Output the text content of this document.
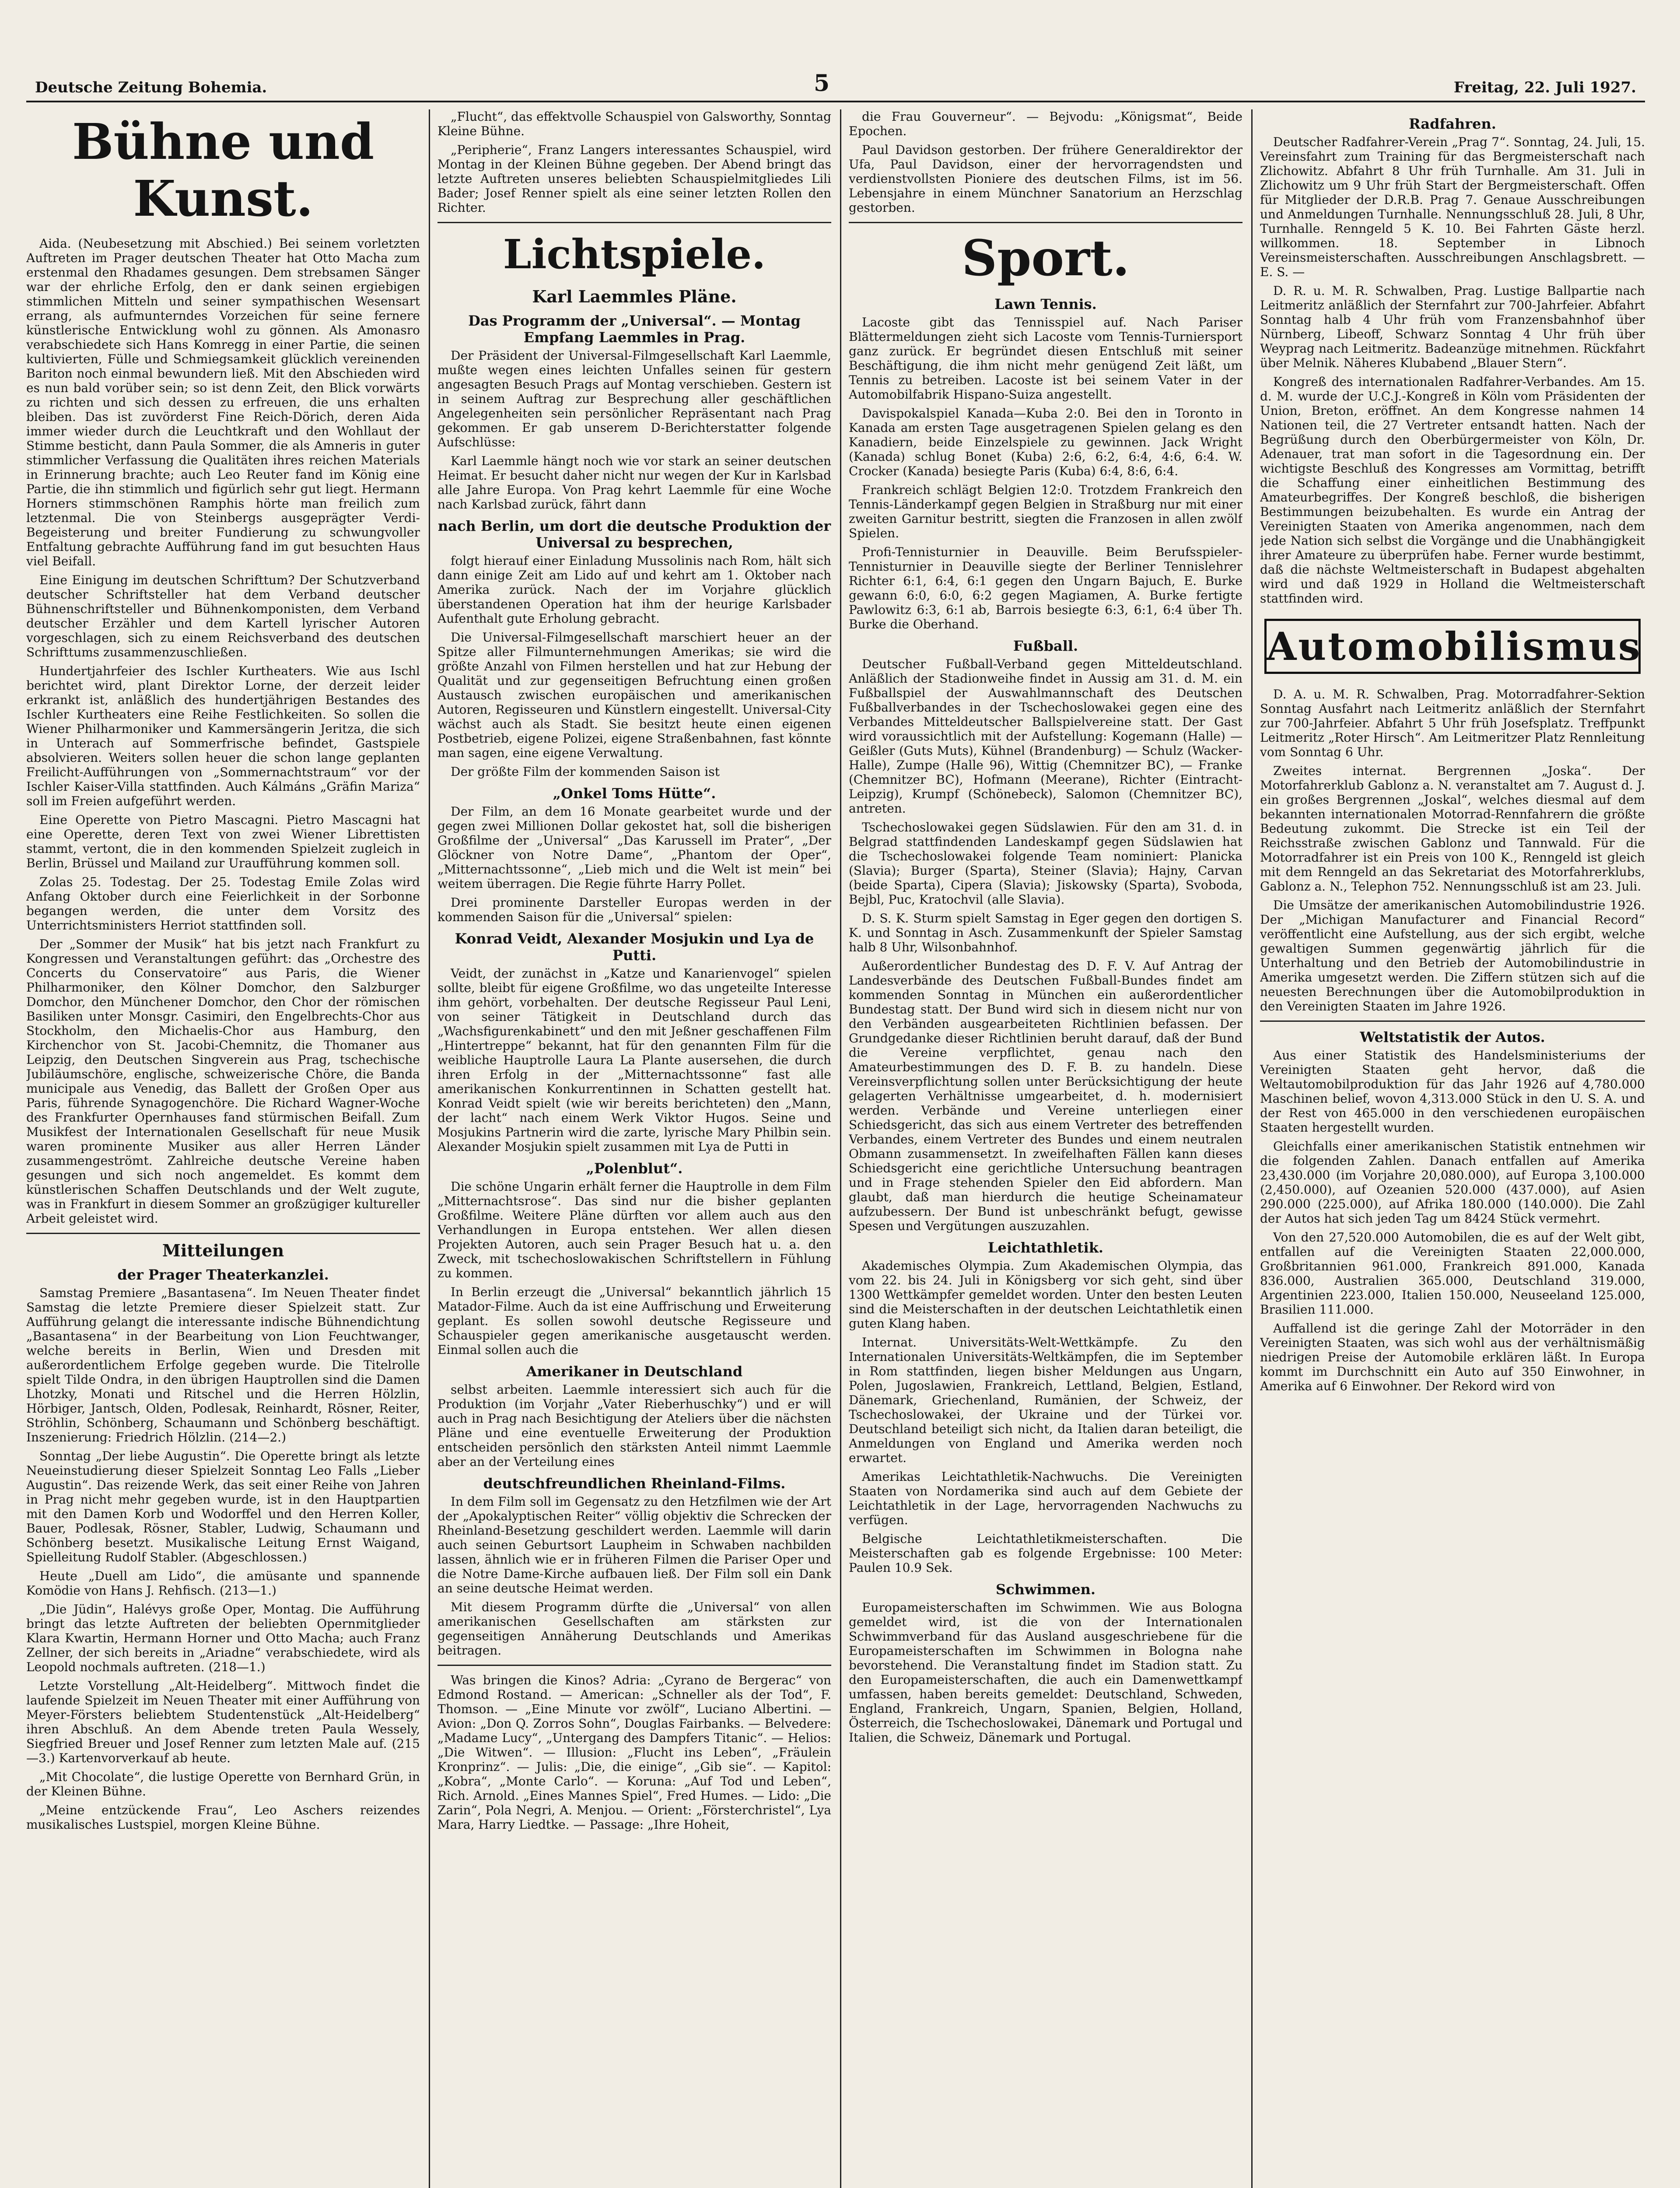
Deutsche Zeitung Bohemia.	5	Freitag, 22. Juli 1927.
Bühne und Kunst.

Aida. (Neubesetzung mit Abschied.) Bei seinem vorletzten Auftreten im Prager deutschen Theater hat Otto Macha zum erstenmal den Rhadames gesungen. Dem strebsamen Sänger war der ehrliche Erfolg, den er dank seinen ergiebigen stimmlichen Mitteln und seiner sympathischen Wesensart errang, als aufmunterndes Vorzeichen für seine fernere künstlerische Entwicklung wohl zu gönnen. Als Amonasro verabschiedete sich Hans Komregg in einer Partie, die seinen kultivierten, Fülle und Schmiegsamkeit glücklich vereinenden Bariton noch einmal bewundern ließ. Mit den Abschieden wird es nun bald vorüber sein; so ist denn Zeit, den Blick vorwärts zu richten und sich dessen zu erfreuen, die uns erhalten bleiben. Das ist zuvörderst Fine Reich-Dörich, deren Aida immer wieder durch die Leuchtkraft und den Wohllaut der Stimme besticht, dann Paula Sommer, die als Amneris in guter stimmlicher Verfassung die Qualitäten ihres reichen Materials in Erinnerung brachte; auch Leo Reuter fand im König eine Partie, die ihn stimmlich und figürlich sehr gut liegt. Hermann Horners stimmschönen Ramphis hörte man freilich zum letztenmal. Die von Steinbergs ausgeprägter Verdi-Begeisterung und breiter Fundierung zu schwungvoller Entfaltung gebrachte Aufführung fand im gut besuchten Haus viel Beifall.

Eine Einigung im deutschen Schrifttum? Der Schutzverband deutscher Schriftsteller hat dem Verband deutscher Bühnenschriftsteller und Bühnenkomponisten, dem Verband deutscher Erzähler und dem Kartell lyrischer Autoren vorgeschlagen, sich zu einem Reichsverband des deutschen Schrifttums zusammenzuschließen.

Hundertjahrfeier des Ischler Kurtheaters. Wie aus Ischl berichtet wird, plant Direktor Lorne, der derzeit leider erkrankt ist, anläßlich des hundertjährigen Bestandes des Ischler Kurtheaters eine Reihe Festlichkeiten. So sollen die Wiener Philharmoniker und Kammersängerin Jeritza, die sich in Unterach auf Sommerfrische befindet, Gastspiele absolvieren. Weiters sollen heuer die schon lange geplanten Freilicht-Aufführungen von „Sommernachtstraum“ vor der Ischler Kaiser-Villa stattfinden. Auch Kálmáns „Gräfin Mariza“ soll im Freien aufgeführt werden.

Eine Operette von Pietro Mascagni. Pietro Mascagni hat eine Operette, deren Text von zwei Wiener Librettisten stammt, vertont, die in den kommenden Spielzeit zugleich in Berlin, Brüssel und Mailand zur Uraufführung kommen soll.

Zolas 25. Todestag. Der 25. Todestag Emile Zolas wird Anfang Oktober durch eine Feierlichkeit in der Sorbonne begangen werden, die unter dem Vorsitz des Unterrichtsministers Herriot stattfinden soll.

Der „Sommer der Musik“ hat bis jetzt nach Frankfurt zu Kongressen und Veranstaltungen geführt: das „Orchestre des Concerts du Conservatoire“ aus Paris, die Wiener Philharmoniker, den Kölner Domchor, den Salzburger Domchor, den Münchener Domchor, den Chor der römischen Basiliken unter Monsgr. Casimiri, den Engelbrechts-Chor aus Stockholm, den Michaelis-Chor aus Hamburg, den Kirchenchor von St. Jacobi-Chemnitz, die Thomaner aus Leipzig, den Deutschen Singverein aus Prag, tschechische Jubiläumschöre, englische, schweizerische Chöre, die Banda municipale aus Venedig, das Ballett der Großen Oper aus Paris, führende Synagogenchöre. Die Richard Wagner-Woche des Frankfurter Opernhauses fand stürmischen Beifall. Zum Musikfest der Internationalen Gesellschaft für neue Musik waren prominente Musiker aus aller Herren Länder zusammengeströmt. Zahlreiche deutsche Vereine haben gesungen und sich noch angemeldet. Es kommt dem künstlerischen Schaffen Deutschlands und der Welt zugute, was in Frankfurt in diesem Sommer an großzügiger kultureller Arbeit geleistet wird.

Mitteilungen
der Prager Theaterkanzlei.

Samstag Premiere „Basantasena“. Im Neuen Theater findet Samstag die letzte Premiere dieser Spielzeit statt. Zur Aufführung gelangt die interessante indische Bühnendichtung „Basantasena“ in der Bearbeitung von Lion Feuchtwanger, welche bereits in Berlin, Wien und Dresden mit außerordentlichem Erfolge gegeben wurde. Die Titelrolle spielt Tilde Ondra, in den übrigen Hauptrollen sind die Damen Lhotzky, Monati und Ritschel und die Herren Hölzlin, Hörbiger, Jantsch, Olden, Podlesak, Reinhardt, Rösner, Reiter, Ströhlin, Schönberg, Schaumann und Schönberg beschäftigt. Inszenierung: Friedrich Hölzlin. (214—2.)

Sonntag „Der liebe Augustin“. Die Operette bringt als letzte Neueinstudierung dieser Spielzeit Sonntag Leo Falls „Lieber Augustin“. Das reizende Werk, das seit einer Reihe von Jahren in Prag nicht mehr gegeben wurde, ist in den Hauptpartien mit den Damen Korb und Wodorffel und den Herren Koller, Bauer, Podlesak, Rösner, Stabler, Ludwig, Schaumann und Schönberg besetzt. Musikalische Leitung Ernst Waigand, Spielleitung Rudolf Stabler. (Abgeschlossen.)

Heute „Duell am Lido“, die amüsante und spannende Komödie von Hans J. Rehfisch. (213—1.)

„Die Jüdin“, Halévys große Oper, Montag. Die Aufführung bringt das letzte Auftreten der beliebten Opernmitglieder Klara Kwartin, Hermann Horner und Otto Macha; auch Franz Zellner, der sich bereits in „Ariadne“ verabschiedete, wird als Leopold nochmals auftreten. (218—1.)

Letzte Vorstellung „Alt-Heidelberg“. Mittwoch findet die laufende Spielzeit im Neuen Theater mit einer Aufführung von Meyer-Försters beliebtem Studentenstück „Alt-Heidelberg“ ihren Abschluß. An dem Abende treten Paula Wessely, Siegfried Breuer und Josef Renner zum letzten Male auf. (215—3.) Kartenvorverkauf ab heute.

„Mit Chocolate“, die lustige Operette von Bernhard Grün, in der Kleinen Bühne.

„Meine entzückende Frau“, Leo Aschers reizendes musikalisches Lustspiel, morgen Kleine Bühne.

„Flucht“, das effektvolle Schauspiel von Galsworthy, Sonntag Kleine Bühne.

„Peripherie“, Franz Langers interessantes Schauspiel, wird Montag in der Kleinen Bühne gegeben. Der Abend bringt das letzte Auftreten unseres beliebten Schauspielmitgliedes Lili Bader; Josef Renner spielt als eine seiner letzten Rollen den Richter.

Lichtspiele.
Karl Laemmles Pläne.
Das Programm der „Universal“. — Montag Empfang Laemmles in Prag.

Der Präsident der Universal-Filmgesellschaft Karl Laemmle, mußte wegen eines leichten Unfalles seinen für gestern angesagten Besuch Prags auf Montag verschieben. Gestern ist in seinem Auftrag zur Besprechung aller geschäftlichen Angelegenheiten sein persönlicher Repräsentant nach Prag gekommen. Er gab unserem D-Berichterstatter folgende Aufschlüsse:

Karl Laemmle hängt noch wie vor stark an seiner deutschen Heimat. Er besucht daher nicht nur wegen der Kur in Karlsbad alle Jahre Europa. Von Prag kehrt Laemmle für eine Woche nach Karlsbad zurück, fährt dann

nach Berlin, um dort die deutsche Produktion der Universal zu besprechen,

folgt hierauf einer Einladung Mussolinis nach Rom, hält sich dann einige Zeit am Lido auf und kehrt am 1. Oktober nach Amerika zurück. Nach der im Vorjahre glücklich überstandenen Operation hat ihm der heurige Karlsbader Aufenthalt gute Erholung gebracht.

Die Universal-Filmgesellschaft marschiert heuer an der Spitze aller Filmunternehmungen Amerikas; sie wird die größte Anzahl von Filmen herstellen und hat zur Hebung der Qualität und zur gegenseitigen Befruchtung einen großen Austausch zwischen europäischen und amerikanischen Autoren, Regisseuren und Künstlern eingestellt. Universal-City wächst auch als Stadt. Sie besitzt heute einen eigenen Postbetrieb, eigene Polizei, eigene Straßenbahnen, fast könnte man sagen, eine eigene Verwaltung.

Der größte Film der kommenden Saison ist

„Onkel Toms Hütte“.

Der Film, an dem 16 Monate gearbeitet wurde und der gegen zwei Millionen Dollar gekostet hat, soll die bisherigen Großfilme der „Universal“ „Das Karussell im Prater“, „Der Glöckner von Notre Dame“, „Phantom der Oper“, „Mitternachtssonne“, „Lieb mich und die Welt ist mein“ bei weitem überragen. Die Regie führte Harry Pollet.

Drei prominente Darsteller Europas werden in der kommenden Saison für die „Universal“ spielen:

Konrad Veidt, Alexander Mosjukin und Lya de Putti.

Veidt, der zunächst in „Katze und Kanarienvogel“ spielen sollte, bleibt für eigene Großfilme, wo das ungeteilte Interesse ihm gehört, vorbehalten. Der deutsche Regisseur Paul Leni, von seiner Tätigkeit in Deutschland durch das „Wachsfigurenkabinett“ und den mit Jeßner geschaffenen Film „Hintertreppe“ bekannt, hat für den genannten Film für die weibliche Hauptrolle Laura La Plante ausersehen, die durch ihren Erfolg in der „Mitternachtssonne“ fast alle amerikanischen Konkurrentinnen in Schatten gestellt hat. Konrad Veidt spielt (wie wir bereits berichteten) den „Mann, der lacht“ nach einem Werk Viktor Hugos. Seine und Mosjukins Partnerin wird die zarte, lyrische Mary Philbin sein. Alexander Mosjukin spielt zusammen mit Lya de Putti in

„Polenblut“.

Die schöne Ungarin erhält ferner die Hauptrolle in dem Film „Mitternachtsrose“. Das sind nur die bisher geplanten Großfilme. Weitere Pläne dürften vor allem auch aus den Verhandlungen in Europa entstehen. Wer allen diesen Projekten Autoren, auch sein Prager Besuch hat u. a. den Zweck, mit tschechoslowakischen Schriftstellern in Fühlung zu kommen.

In Berlin erzeugt die „Universal“ bekanntlich jährlich 15 Matador-Filme. Auch da ist eine Auffrischung und Erweiterung geplant. Es sollen sowohl deutsche Regisseure und Schauspieler gegen amerikanische ausgetauscht werden. Einmal sollen auch die

Amerikaner in Deutschland

selbst arbeiten. Laemmle interessiert sich auch für die Produktion (im Vorjahr „Vater Rieberhuschky“) und er will auch in Prag nach Besichtigung der Ateliers über die nächsten Pläne und eine eventuelle Erweiterung der Produktion entscheiden persönlich den stärksten Anteil nimmt Laemmle aber an der Verteilung eines

deutschfreundlichen Rheinland-Films.

In dem Film soll im Gegensatz zu den Hetzfilmen wie der Art der „Apokalyptischen Reiter“ völlig objektiv die Schrecken der Rheinland-Besetzung geschildert werden. Laemmle will darin auch seinen Geburtsort Laupheim in Schwaben nachbilden lassen, ähnlich wie er in früheren Filmen die Pariser Oper und die Notre Dame-Kirche aufbauen ließ. Der Film soll ein Dank an seine deutsche Heimat werden.

Mit diesem Programm dürfte die „Universal“ von allen amerikanischen Gesellschaften am stärksten zur gegenseitigen Annäherung Deutschlands und Amerikas beitragen.

Was bringen die Kinos? Adria: „Cyrano de Bergerac“ von Edmond Rostand. — American: „Schneller als der Tod“, F. Thomson. — „Eine Minute vor zwölf“, Luciano Albertini. — Avion: „Don Q. Zorros Sohn“, Douglas Fairbanks. — Belvedere: „Madame Lucy“, „Untergang des Dampfers Titanic“. — Helios: „Die Witwen“. — Illusion: „Flucht ins Leben“, „Fräulein Kronprinz“. — Julis: „Die, die einige“, „Gib sie“. — Kapitol: „Kobra“, „Monte Carlo“. — Koruna: „Auf Tod und Leben“, Rich. Arnold. „Eines Mannes Spiel“, Fred Humes. — Lido: „Die Zarin“, Pola Negri, A. Menjou. — Orient: „Försterchristel“, Lya Mara, Harry Liedtke. — Passage: „Ihre Hoheit,

die Frau Gouverneur“. — Bejvodu: „Königsmat“, Beide Epochen.

Paul Davidson gestorben. Der frühere Generaldirektor der Ufa, Paul Davidson, einer der hervorragendsten und verdienstvollsten Pioniere des deutschen Films, ist im 56. Lebensjahre in einem Münchner Sanatorium an Herzschlag gestorben.

Sport.
Lawn Tennis.

Lacoste gibt das Tennisspiel auf. Nach Pariser Blättermeldungen zieht sich Lacoste vom Tennis-Turniersport ganz zurück. Er begründet diesen Entschluß mit seiner Beschäftigung, die ihm nicht mehr genügend Zeit läßt, um Tennis zu betreiben. Lacoste ist bei seinem Vater in der Automobilfabrik Hispano-Suiza angestellt.

Davispokalspiel Kanada—Kuba 2:0. Bei den in Toronto in Kanada am ersten Tage ausgetragenen Spielen gelang es den Kanadiern, beide Einzelspiele zu gewinnen. Jack Wright (Kanada) schlug Bonet (Kuba) 2:6, 6:2, 6:4, 4:6, 6:4. W. Crocker (Kanada) besiegte Paris (Kuba) 6:4, 8:6, 6:4.

Frankreich schlägt Belgien 12:0. Trotzdem Frankreich den Tennis-Länderkampf gegen Belgien in Straßburg nur mit einer zweiten Garnitur bestritt, siegten die Franzosen in allen zwölf Spielen.

Profi-Tennisturnier in Deauville. Beim Berufsspieler-Tennisturnier in Deauville siegte der Berliner Tennislehrer Richter 6:1, 6:4, 6:1 gegen den Ungarn Bajuch, E. Burke gewann 6:0, 6:0, 6:2 gegen Magiamen, A. Burke fertigte Pawlowitz 6:3, 6:1 ab, Barrois besiegte 6:3, 6:1, 6:4 über Th. Burke die Oberhand.

Fußball.

Deutscher Fußball-Verband gegen Mitteldeutschland. Anläßlich der Stadionweihe findet in Aussig am 31. d. M. ein Fußballspiel der Auswahlmannschaft des Deutschen Fußballverbandes in der Tschechoslowakei gegen eine des Verbandes Mitteldeutscher Ballspielvereine statt. Der Gast wird voraussichtlich mit der Aufstellung: Kogemann (Halle) — Geißler (Guts Muts), Kühnel (Brandenburg) — Schulz (Wacker-Halle), Zumpe (Halle 96), Wittig (Chemnitzer BC), — Franke (Chemnitzer BC), Hofmann (Meerane), Richter (Eintracht-Leipzig), Krumpf (Schönebeck), Salomon (Chemnitzer BC), antreten.

Tschechoslowakei gegen Südslawien. Für den am 31. d. in Belgrad stattfindenden Landeskampf gegen Südslawien hat die Tschechoslowakei folgende Team nominiert: Planicka (Slavia); Burger (Sparta), Steiner (Slavia); Hajny, Carvan (beide Sparta), Cipera (Slavia); Jiskowsky (Sparta), Svoboda, Bejbl, Puc, Kratochvil (alle Slavia).

D. S. K. Sturm spielt Samstag in Eger gegen den dortigen S. K. und Sonntag in Asch. Zusammenkunft der Spieler Samstag halb 8 Uhr, Wilsonbahnhof.

Außerordentlicher Bundestag des D. F. V. Auf Antrag der Landesverbände des Deutschen Fußball-Bundes findet am kommenden Sonntag in München ein außerordentlicher Bundestag statt. Der Bund wird sich in diesem nicht nur von den Verbänden ausgearbeiteten Richtlinien befassen. Der Grundgedanke dieser Richtlinien beruht darauf, daß der Bund die Vereine verpflichtet, genau nach den Amateurbestimmungen des D. F. B. zu handeln. Diese Vereinsverpflichtung sollen unter Berücksichtigung der heute gelagerten Verhältnisse umgearbeitet, d. h. modernisiert werden. Verbände und Vereine unterliegen einer Schiedsgericht, das sich aus einem Vertreter des betreffenden Verbandes, einem Vertreter des Bundes und einem neutralen Obmann zusammensetzt. In zweifelhaften Fällen kann dieses Schiedsgericht eine gerichtliche Untersuchung beantragen und in Frage stehenden Spieler den Eid abfordern. Man glaubt, daß man hierdurch die heutige Scheinamateur aufzubessern. Der Bund ist unbeschränkt befugt, gewisse Spesen und Vergütungen auszuzahlen.

Leichtathletik.

Akademisches Olympia. Zum Akademischen Olympia, das vom 22. bis 24. Juli in Königsberg vor sich geht, sind über 1300 Wettkämpfer gemeldet worden. Unter den besten Leuten sind die Meisterschaften in der deutschen Leichtathletik einen guten Klang haben.

Internat. Universitäts-Welt-Wettkämpfe. Zu den Internationalen Universitäts-Weltkämpfen, die im September in Rom stattfinden, liegen bisher Meldungen aus Ungarn, Polen, Jugoslawien, Frankreich, Lettland, Belgien, Estland, Dänemark, Griechenland, Rumänien, der Schweiz, der Tschechoslowakei, der Ukraine und der Türkei vor. Deutschland beteiligt sich nicht, da Italien daran beteiligt, die Anmeldungen von England und Amerika werden noch erwartet.

Amerikas Leichtathletik-Nachwuchs. Die Vereinigten Staaten von Nordamerika sind auch auf dem Gebiete der Leichtathletik in der Lage, hervorragenden Nachwuchs zu verfügen.

Belgische Leichtathletikmeisterschaften. Die Meisterschaften gab es folgende Ergebnisse: 100 Meter: Paulen 10.9 Sek.

Schwimmen.

Europameisterschaften im Schwimmen. Wie aus Bologna gemeldet wird, ist die von der Internationalen Schwimmverband für das Ausland ausgeschriebene für die Europameisterschaften im Schwimmen in Bologna nahe bevorstehend. Die Veranstaltung findet im Stadion statt. Zu den Europameisterschaften, die auch ein Damenwettkampf umfassen, haben bereits gemeldet: Deutschland, Schweden, England, Frankreich, Ungarn, Spanien, Belgien, Holland, Österreich, die Tschechoslowakei, Dänemark und Portugal und Italien, die Schweiz, Dänemark und Portugal.

Radfahren.

Deutscher Radfahrer-Verein „Prag 7“. Sonntag, 24. Juli, 15. Vereinsfahrt zum Training für das Bergmeisterschaft nach Zlichowitz. Abfahrt 8 Uhr früh Turnhalle. Am 31. Juli in Zlichowitz um 9 Uhr früh Start der Bergmeisterschaft. Offen für Mitglieder der D.R.B. Prag 7. Genaue Ausschreibungen und Anmeldungen Turnhalle. Nennungsschluß 28. Juli, 8 Uhr, Turnhalle. Renngeld 5 K. 10. Bei Fahrten Gäste herzl. willkommen. 18. September in Libnoch Vereinsmeisterschaften. Ausschreibungen Anschlagsbrett. — E. S. —

D. R. u. M. R. Schwalben, Prag. Lustige Ballpartie nach Leitmeritz anläßlich der Sternfahrt zur 700-Jahrfeier. Abfahrt Sonntag halb 4 Uhr früh vom Franzensbahnhof über Nürnberg, Libeoff, Schwarz Sonntag 4 Uhr früh über Weyprag nach Leitmeritz. Badeanzüge mitnehmen. Rückfahrt über Melnik. Näheres Klubabend „Blauer Stern“.

Kongreß des internationalen Radfahrer-Verbandes. Am 15. d. M. wurde der U.C.J.-Kongreß in Köln vom Präsidenten der Union, Breton, eröffnet. An dem Kongresse nahmen 14 Nationen teil, die 27 Vertreter entsandt hatten. Nach der Begrüßung durch den Oberbürgermeister von Köln, Dr. Adenauer, trat man sofort in die Tagesordnung ein. Der wichtigste Beschluß des Kongresses am Vormittag, betrifft die Schaffung einer einheitlichen Bestimmung des Amateurbegriffes. Der Kongreß beschloß, die bisherigen Bestimmungen beizubehalten. Es wurde ein Antrag der Vereinigten Staaten von Amerika angenommen, nach dem jede Nation sich selbst die Vorgänge und die Unabhängigkeit ihrer Amateure zu überprüfen habe. Ferner wurde bestimmt, daß die nächste Weltmeisterschaft in Budapest abgehalten wird und daß 1929 in Holland die Weltmeisterschaft stattfinden wird.

Automobilismus

D. A. u. M. R. Schwalben, Prag. Motorradfahrer-Sektion Sonntag Ausfahrt nach Leitmeritz anläßlich der Sternfahrt zur 700-Jahrfeier. Abfahrt 5 Uhr früh Josefsplatz. Treffpunkt Leitmeritz „Roter Hirsch“. Am Leitmeritzer Platz Rennleitung vom Sonntag 6 Uhr.

Zweites internat. Bergrennen „Joska“. Der Motorfahrerklub Gablonz a. N. veranstaltet am 7. August d. J. ein großes Bergrennen „Joskal“, welches diesmal auf dem bekannten internationalen Motorrad-Rennfahrern die größte Bedeutung zukommt. Die Strecke ist ein Teil der Reichsstraße zwischen Gablonz und Tannwald. Für die Motorradfahrer ist ein Preis von 100 K., Renngeld ist gleich mit dem Renngeld an das Sekretariat des Motorfahrerklubs, Gablonz a. N., Telephon 752. Nennungsschluß ist am 23. Juli.

Die Umsätze der amerikanischen Automobilindustrie 1926. Der „Michigan Manufacturer and Financial Record“ veröffentlicht eine Aufstellung, aus der sich ergibt, welche gewaltigen Summen gegenwärtig jährlich für die Unterhaltung und den Betrieb der Automobilindustrie in Amerika umgesetzt werden. Die Ziffern stützen sich auf die neuesten Berechnungen über die Automobilproduktion in den Vereinigten Staaten im Jahre 1926.

Weltstatistik der Autos.

Aus einer Statistik des Handelsministeriums der Vereinigten Staaten geht hervor, daß die Weltautomobilproduktion für das Jahr 1926 auf 4,780.000 Maschinen belief, wovon 4,313.000 Stück in den U. S. A. und der Rest von 465.000 in den verschiedenen europäischen Staaten hergestellt wurden.

Gleichfalls einer amerikanischen Statistik entnehmen wir die folgenden Zahlen. Danach entfallen auf Amerika 23,430.000 (im Vorjahre 20,080.000), auf Europa 3,100.000 (2,450.000), auf Ozeanien 520.000 (437.000), auf Asien 290.000 (225.000), auf Afrika 180.000 (140.000). Die Zahl der Autos hat sich jeden Tag um 8424 Stück vermehrt.

Von den 27,520.000 Automobilen, die es auf der Welt gibt, entfallen auf die Vereinigten Staaten 22,000.000, Großbritannien 961.000, Frankreich 891.000, Kanada 836.000, Australien 365.000, Deutschland 319.000, Argentinien 223.000, Italien 150.000, Neuseeland 125.000, Brasilien 111.000.

Auffallend ist die geringe Zahl der Motorräder in den Vereinigten Staaten, was sich wohl aus der verhältnismäßig niedrigen Preise der Automobile erklären läßt. In Europa kommt im Durchschnitt ein Auto auf 350 Einwohner, in Amerika auf 6 Einwohner. Der Rekord wird von
